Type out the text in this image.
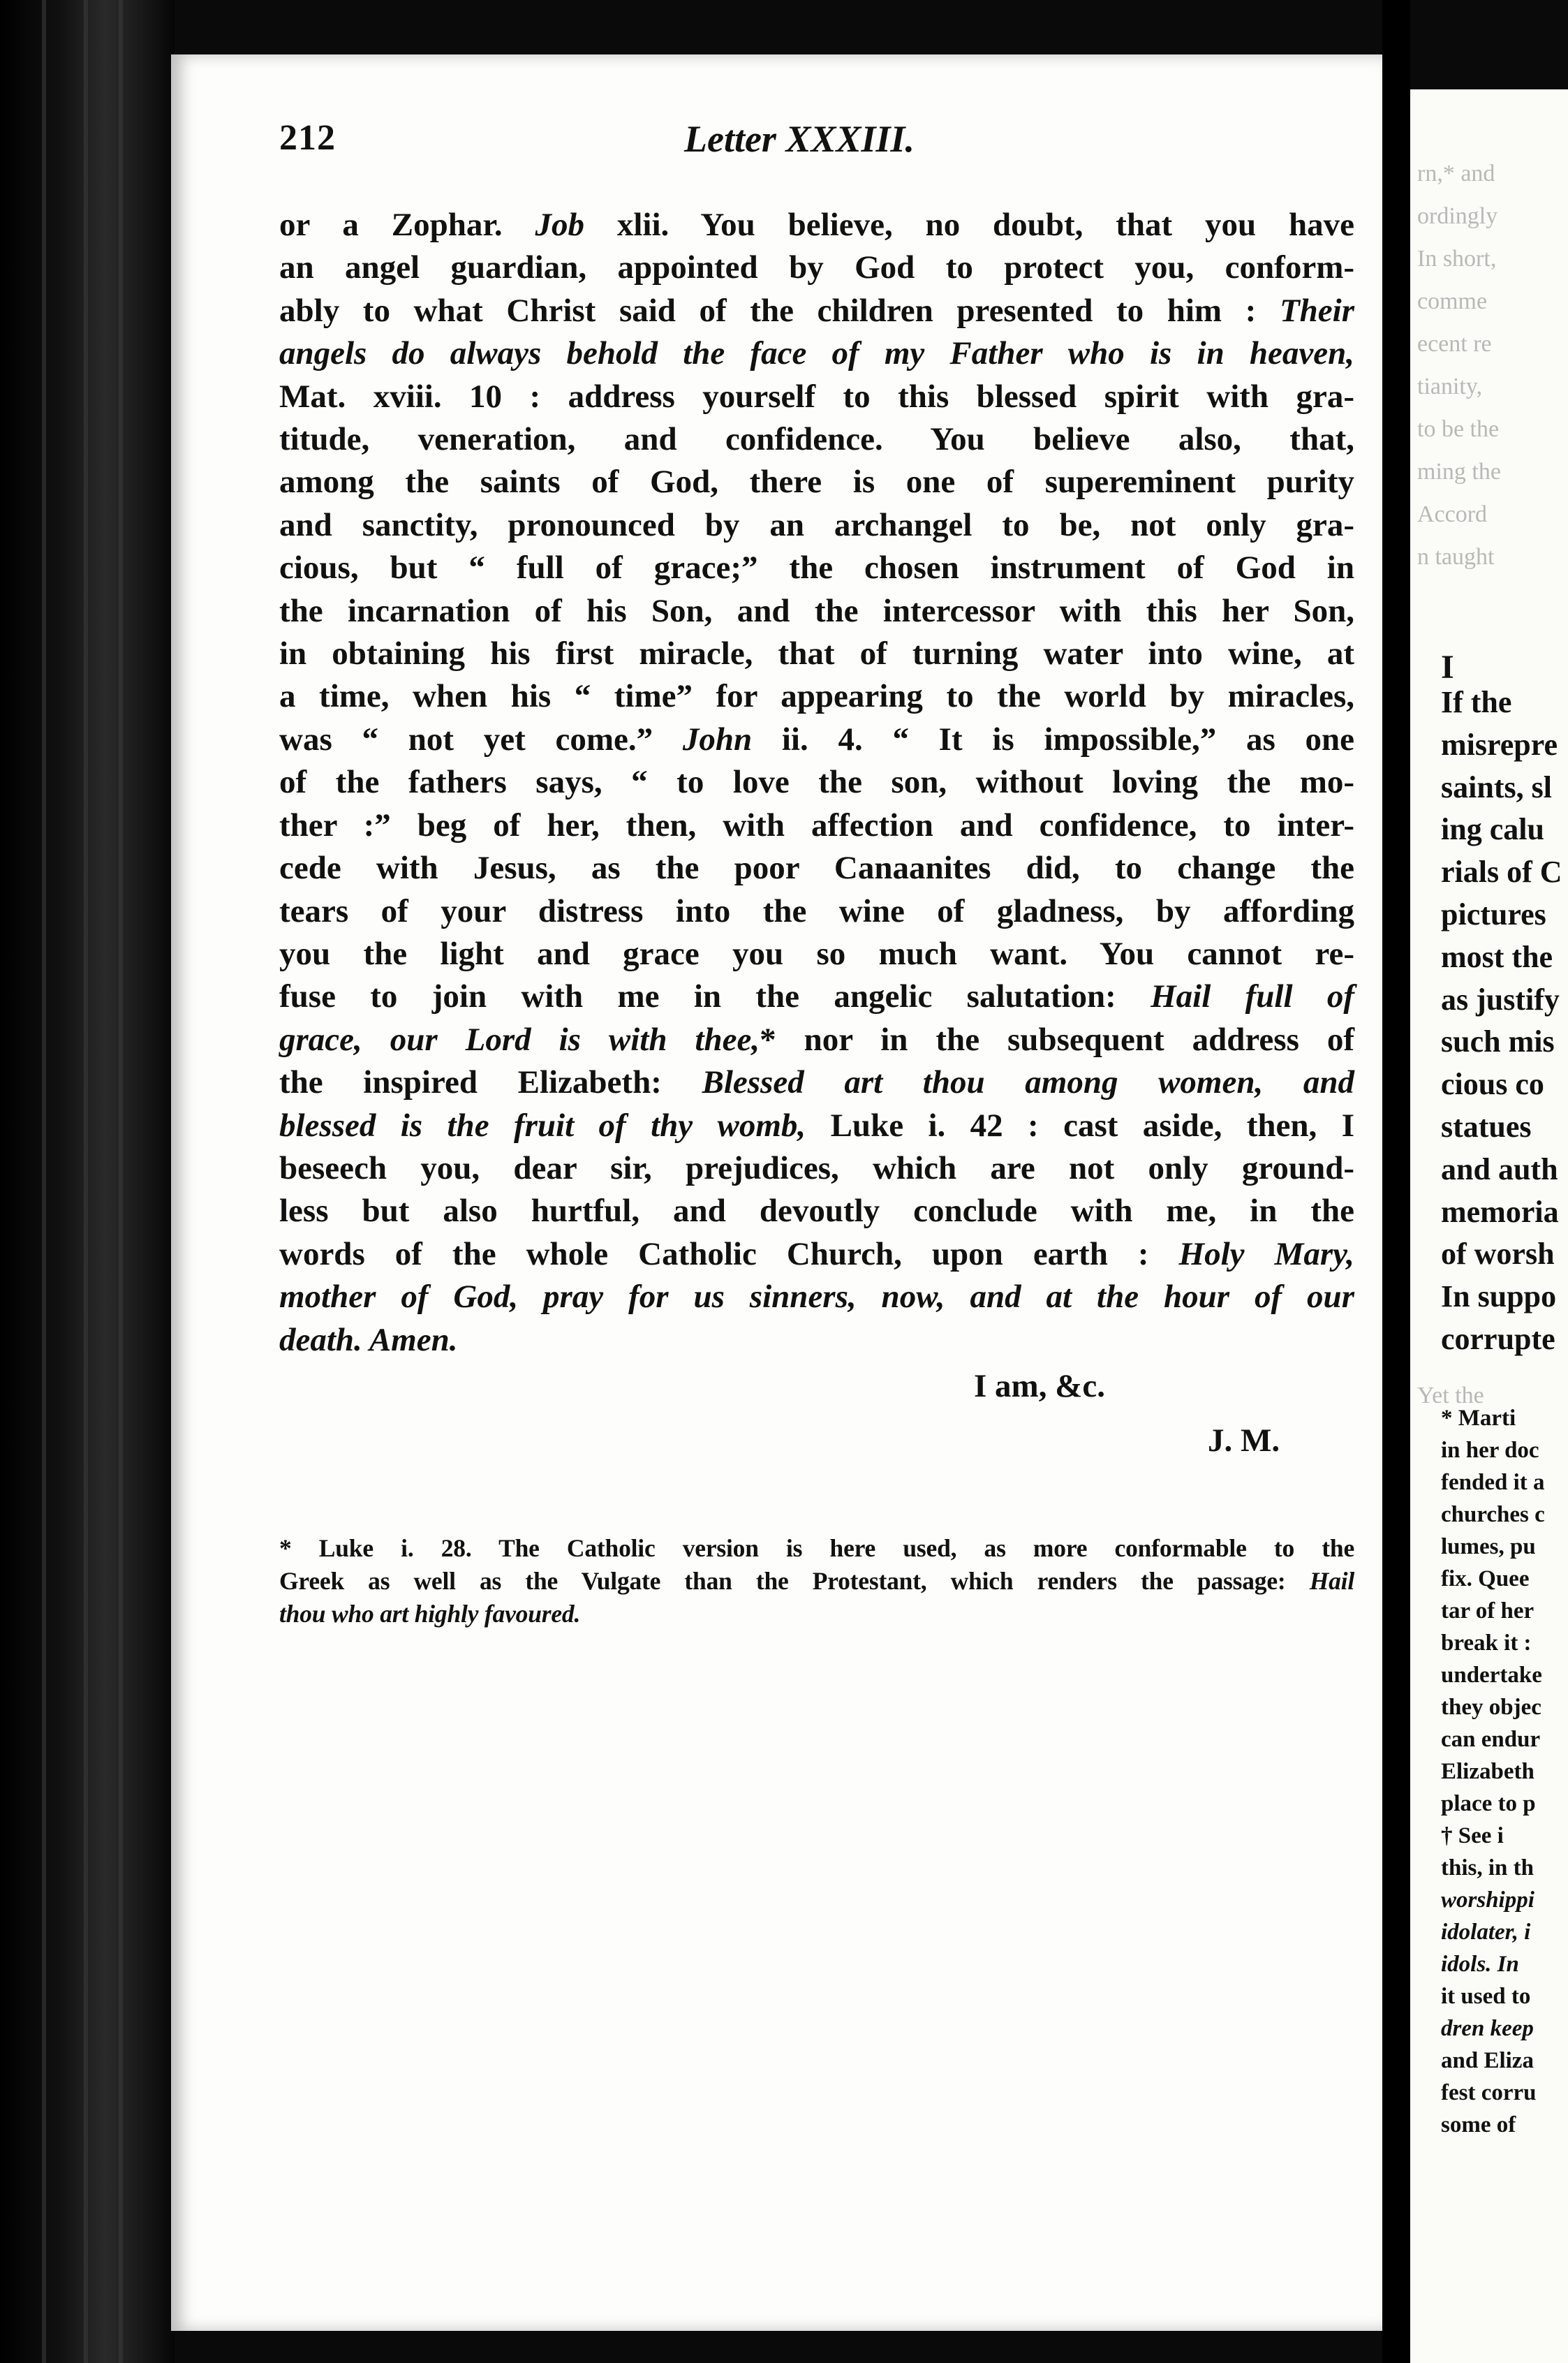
rn,* and
ordingly
In short,
comme
ecent re
tianity,
to be the
ming the
Accord
n taught
I
If the
misrepre
saints, sl
ing calu
rials of C
pictures
most the
as justify
such mis
cious co
statues
and auth
memoria
of worsh
In suppo
corrupte
Yet the
* Marti
in her doc
fended it a
churches c
lumes, pu
fix. Quee
tar of her
break it :
undertake
they objec
can endur
Elizabeth
place to p
† See i
this, in th
worshippi
idolater, i
idols. In
it used to
dren keep
and Eliza
fest corru
some of
212	Letter XXXIII.
or a Zophar. Job xlii. You believe, no doubt, that you have
an angel guardian, appointed by God to protect you, conform-
ably to what Christ said of the children presented to him : Their
angels do always behold the face of my Father who is in heaven,
Mat. xviii. 10 : address yourself to this blessed spirit with gra-
titude, veneration, and confidence. You believe also, that,
among the saints of God, there is one of supereminent purity
and sanctity, pronounced by an archangel to be, not only gra-
cious, but “ full of grace;” the chosen instrument of God in
the incarnation of his Son, and the intercessor with this her Son,
in obtaining his first miracle, that of turning water into wine, at
a time, when his “ time” for appearing to the world by miracles,
was “ not yet come.” John ii. 4. “ It is impossible,” as one
of the fathers says, “ to love the son, without loving the mo-
ther :” beg of her, then, with affection and confidence, to inter-
cede with Jesus, as the poor Canaanites did, to change the
tears of your distress into the wine of gladness, by affording
you the light and grace you so much want. You cannot re-
fuse to join with me in the angelic salutation: Hail full of
grace, our Lord is with thee,* nor in the subsequent address of
the inspired Elizabeth: Blessed art thou among women, and
blessed is the fruit of thy womb, Luke i. 42 : cast aside, then, I
beseech you, dear sir, prejudices, which are not only ground-
less but also hurtful, and devoutly conclude with me, in the
words of the whole Catholic Church, upon earth : Holy Mary,
mother of God, pray for us sinners, now, and at the hour of our
death. Amen.
I am, &c.
J. M.
* Luke i. 28. The Catholic version is here used, as more conformable to the
Greek as well as the Vulgate than the Protestant, which renders the passage: Hail
thou who art highly favoured.
